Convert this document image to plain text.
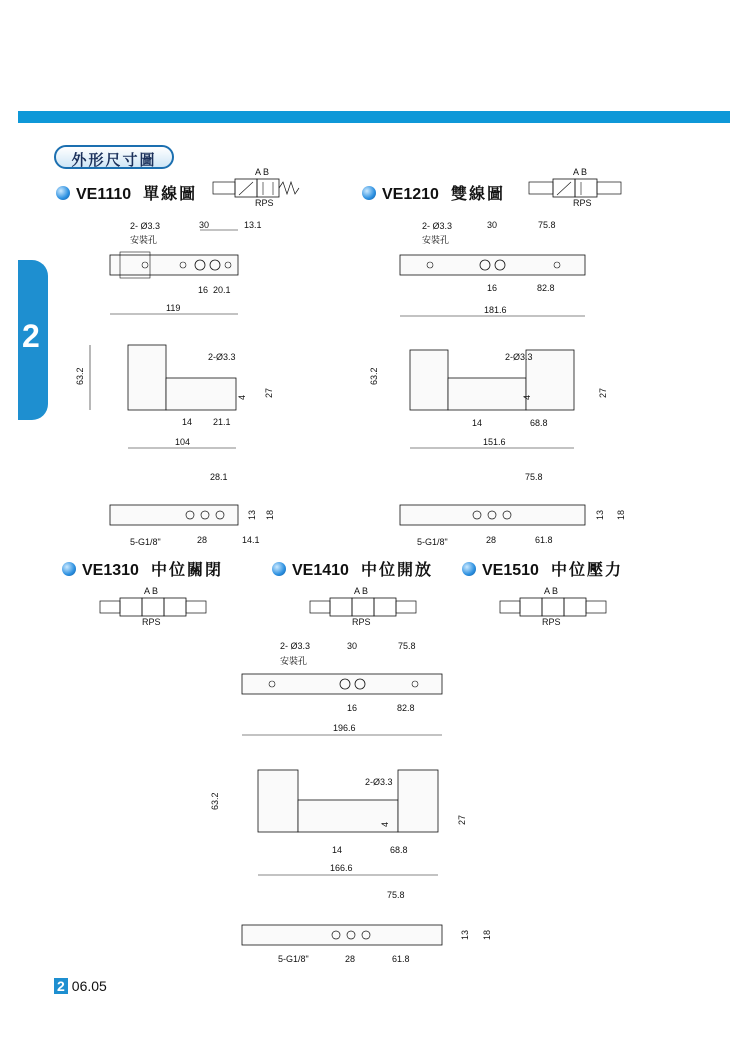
2
外形尺寸圖
VE1110 單線圖	VE1210 雙線圖
VE1310 中位關閉	VE1410 中位開放	VE1510 中位壓力
A B
RPS
A B
RPS
A B
RPS
A B
RPS
A B
RPS
119
30	13.1
16 20.1
2- Ø3.3
安裝孔
63.2
2-Ø3.3
4 27
14 21.1
104
28.1
13 18
5-G1/8"	28	14.1
2- Ø3.3
安裝孔
30	75.8
16	82.8
181.6
63.2
2-Ø3.3
4	27
14	68.8
151.6
75.8
13 18
5-G1/8"	28	61.8
2- Ø3.3
安裝孔
30	75.8
16	82.8
196.6
63.2
2-Ø3.3
4	27
14	68.8
166.6
75.8
13 18
5-G1/8"	28	61.8
2 06.05
